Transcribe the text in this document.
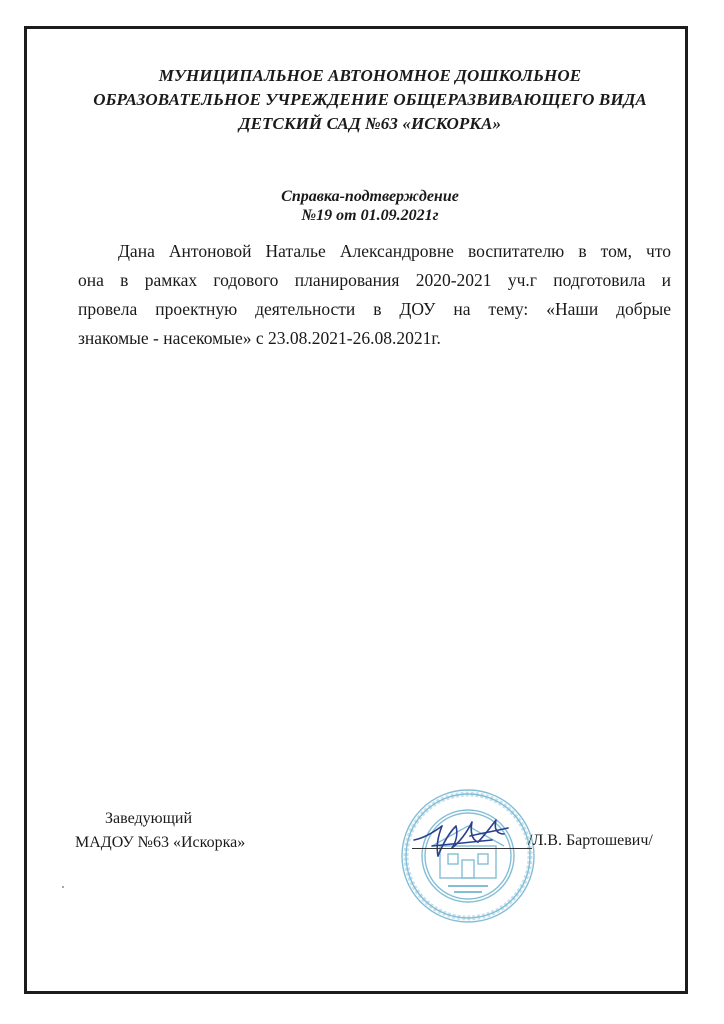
МУНИЦИПАЛЬНОЕ АВТОНОМНОЕ ДОШКОЛЬНОЕ
ОБРАЗОВАТЕЛЬНОЕ УЧРЕЖДЕНИЕ ОБЩЕРАЗВИВАЮЩЕГО ВИДА
ДЕТСКИЙ САД №63 «ИСКОРКА»
Справка-подтверждение
№19 от 01.09.2021г
Дана Антоновой Наталье Александровне воспитателю в том, что
она в рамках годового планирования 2020-2021 уч.г подготовила и
провела проектную деятельности в ДОУ на тему: «Наши добрые
знакомые - насекомые» с 23.08.2021-26.08.2021г.
Заведующий
МАДОУ №63 «Искорка»	/Л.В. Бартошевич/
